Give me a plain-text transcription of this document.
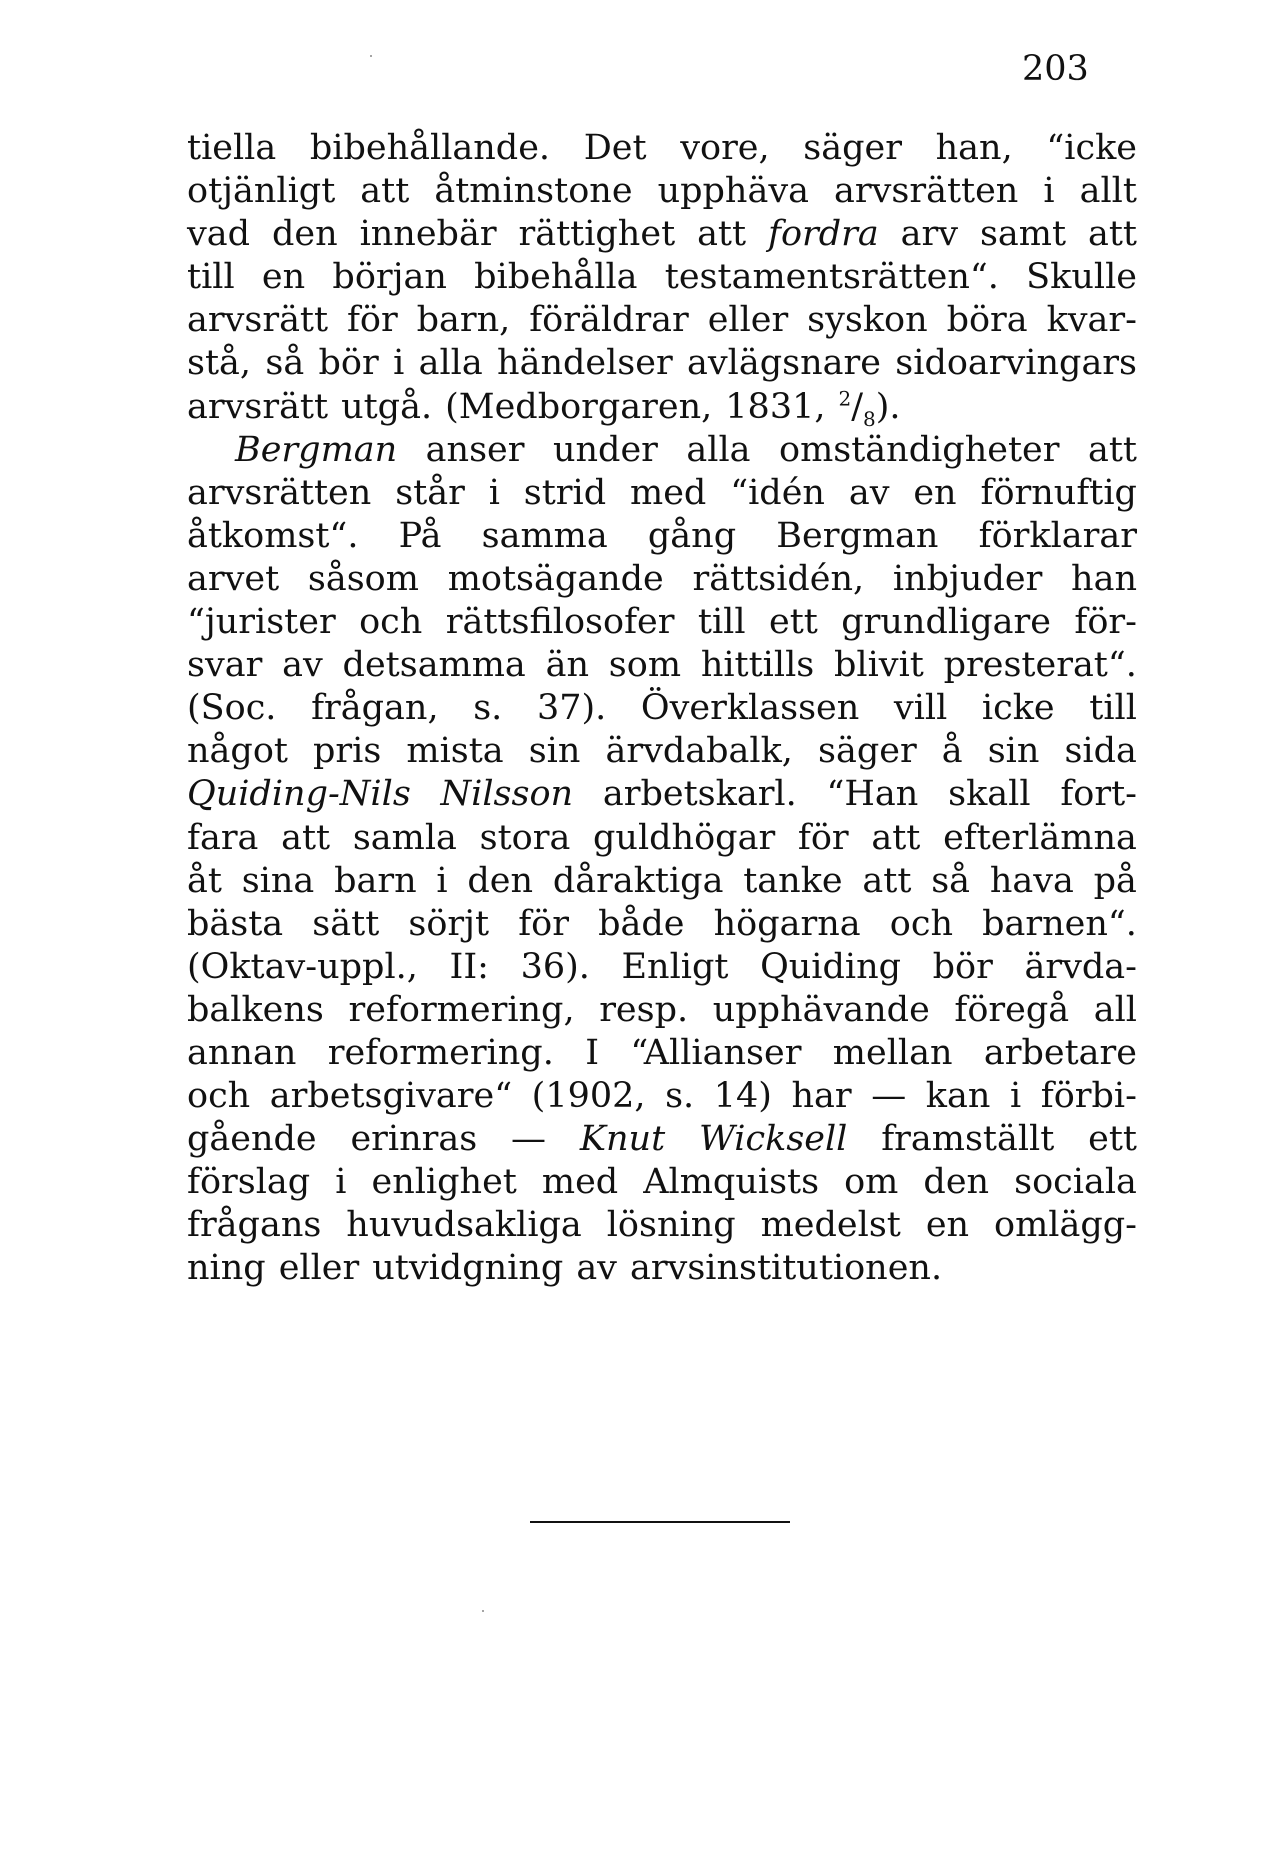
203
tiella bibehållande. Det vore, säger han, “icke
otjänligt att åtminstone upphäva arvsrätten i allt
vad den innebär rättighet att fordra arv samt att
till en början bibehålla testamentsrätten“. Skulle
arvsrätt för barn, föräldrar eller syskon böra kvar-
stå, så bör i alla händelser avlägsnare sidoarvingars
arvsrätt utgå. (Medborgaren, 1831, $^2/_8$).
Bergman anser under alla omständigheter att
arvsrätten står i strid med “idén av en förnuftig
åtkomst“. På samma gång Bergman förklarar
arvet såsom motsägande rättsidén, inbjuder han
“jurister och rättsfilosofer till ett grundligare för-
svar av detsamma än som hittills blivit presterat“.
(Soc. frågan, s. 37). Överklassen vill icke till
något pris mista sin ärvdabalk, säger å sin sida
Quiding-Nils Nilsson arbetskarl. “Han skall fort-
fara att samla stora guldhögar för att efterlämna
åt sina barn i den dåraktiga tanke att så hava på
bästa sätt sörjt för både högarna och barnen“.
(Oktav-uppl., II: 36). Enligt Quiding bör ärvda-
balkens reformering, resp. upphävande föregå all
annan reformering. I “Allianser mellan arbetare
och arbetsgivare“ (1902, s. 14) har — kan i förbi-
gående erinras — Knut Wicksell framställt ett
förslag i enlighet med Almquists om den sociala
frågans huvudsakliga lösning medelst en omlägg-
ning eller utvidgning av arvsinstitutionen.
